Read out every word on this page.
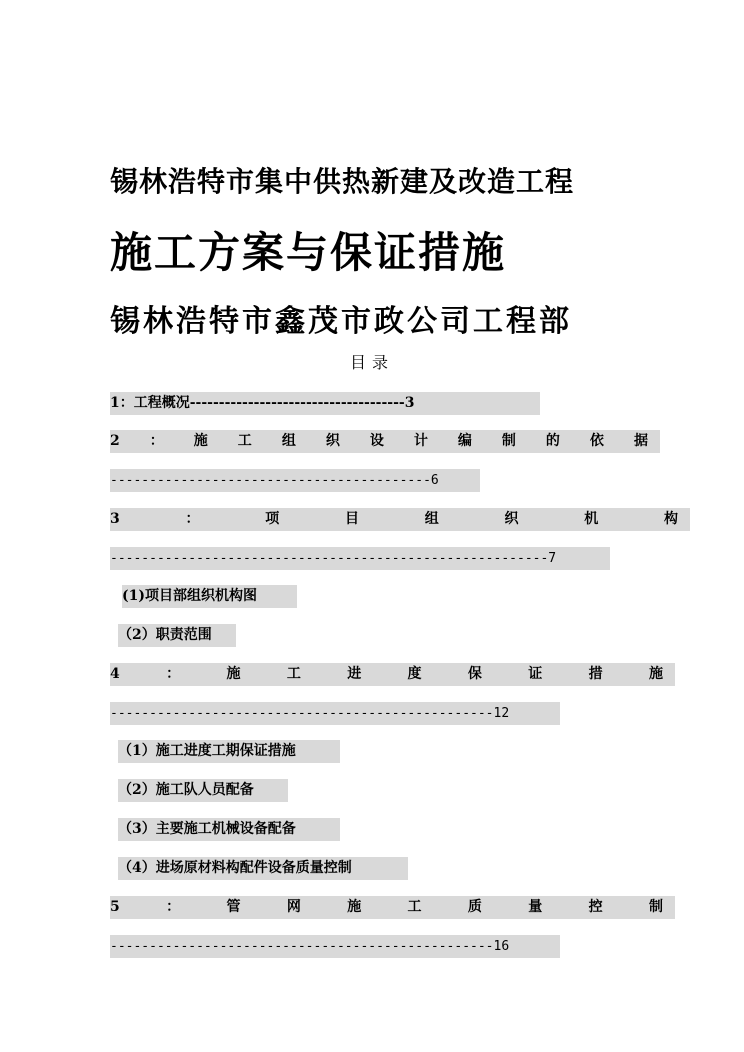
锡林浩特市集中供热新建及改造工程
施工方案与保证措施
锡林浩特市鑫茂市政公司工程部
目录
1：工程概况-------------------------------------3
2 ： 施 工 组 织 设 计 编 制 的 依 据
-----------------------------------------6
3	：	项	目	组	织	机	构
--------------------------------------------------------7
(1)项目部组织机构图
（2）职责范围
4	：	施	工	进	度	保	证	措	施
-------------------------------------------------12
（1）施工进度工期保证措施
（2）施工队人员配备
（3）主要施工机械设备配备
（4）进场原材料构配件设备质量控制
5	：	管	网	施	工	质	量	控	制
-------------------------------------------------16
